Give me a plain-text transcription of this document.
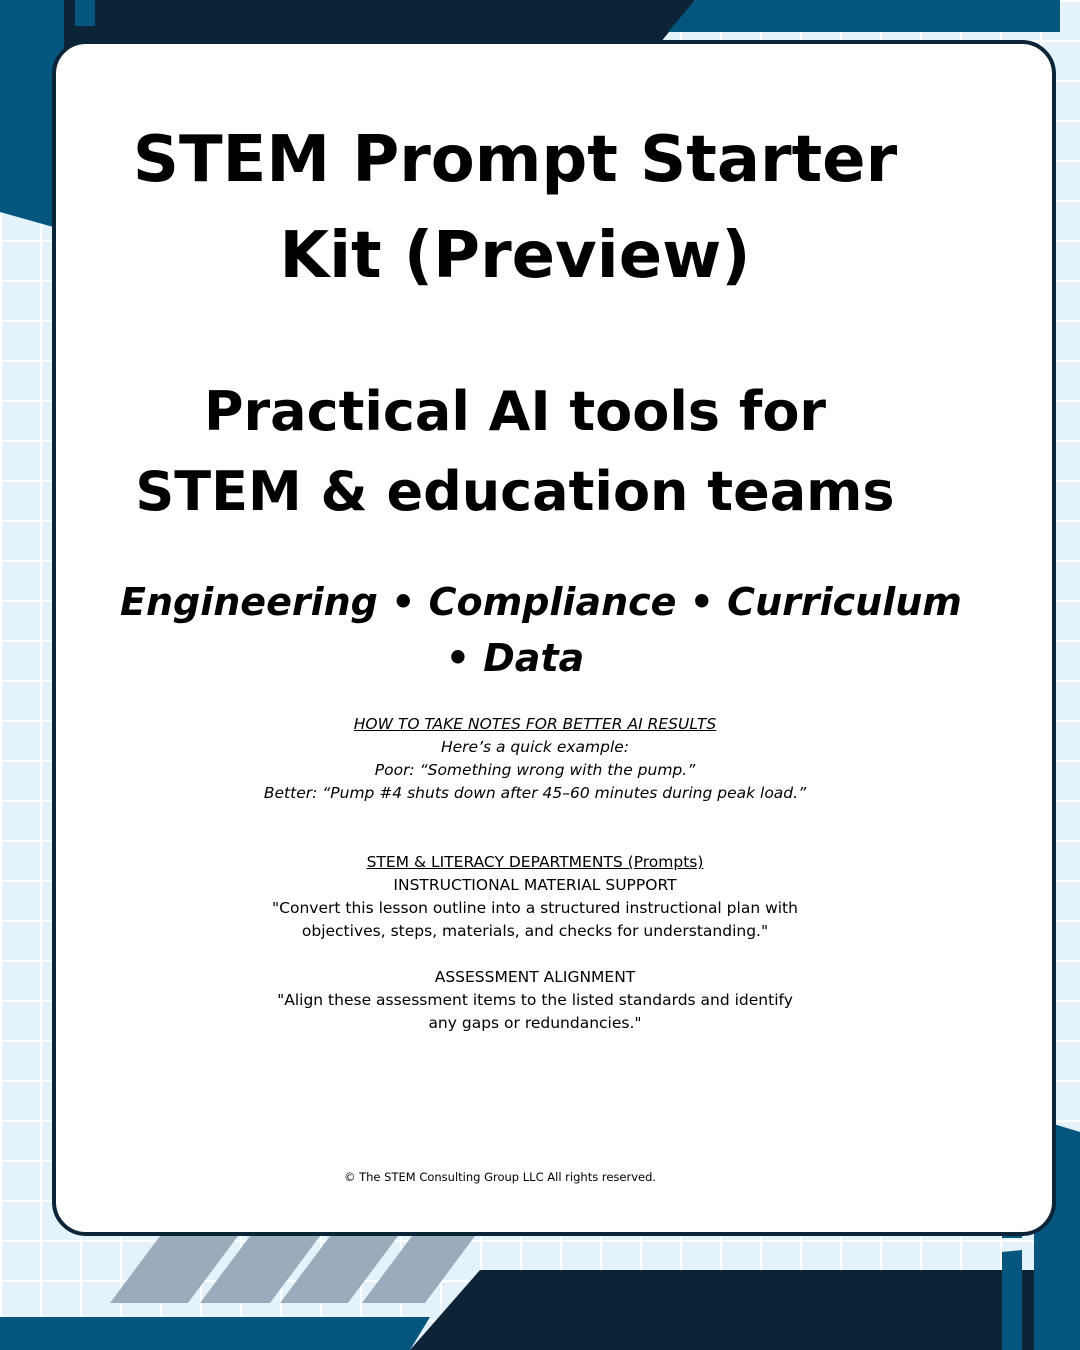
STEM Prompt Starter
Kit (Preview)
Practical AI tools for
STEM & education teams
Engineering • Compliance • Curriculum
• Data
HOW TO TAKE NOTES FOR BETTER AI RESULTS
Here’s a quick example:
Poor: “Something wrong with the pump.”
Better: “Pump #4 shuts down after 45–60 minutes during peak load.”
STEM & LITERACY DEPARTMENTS (Prompts)
INSTRUCTIONAL MATERIAL SUPPORT
"Convert this lesson outline into a structured instructional plan with
objectives, steps, materials, and checks for understanding."
ASSESSMENT ALIGNMENT
"Align these assessment items to the listed standards and identify
any gaps or redundancies."
© The STEM Consulting Group LLC All rights reserved.
